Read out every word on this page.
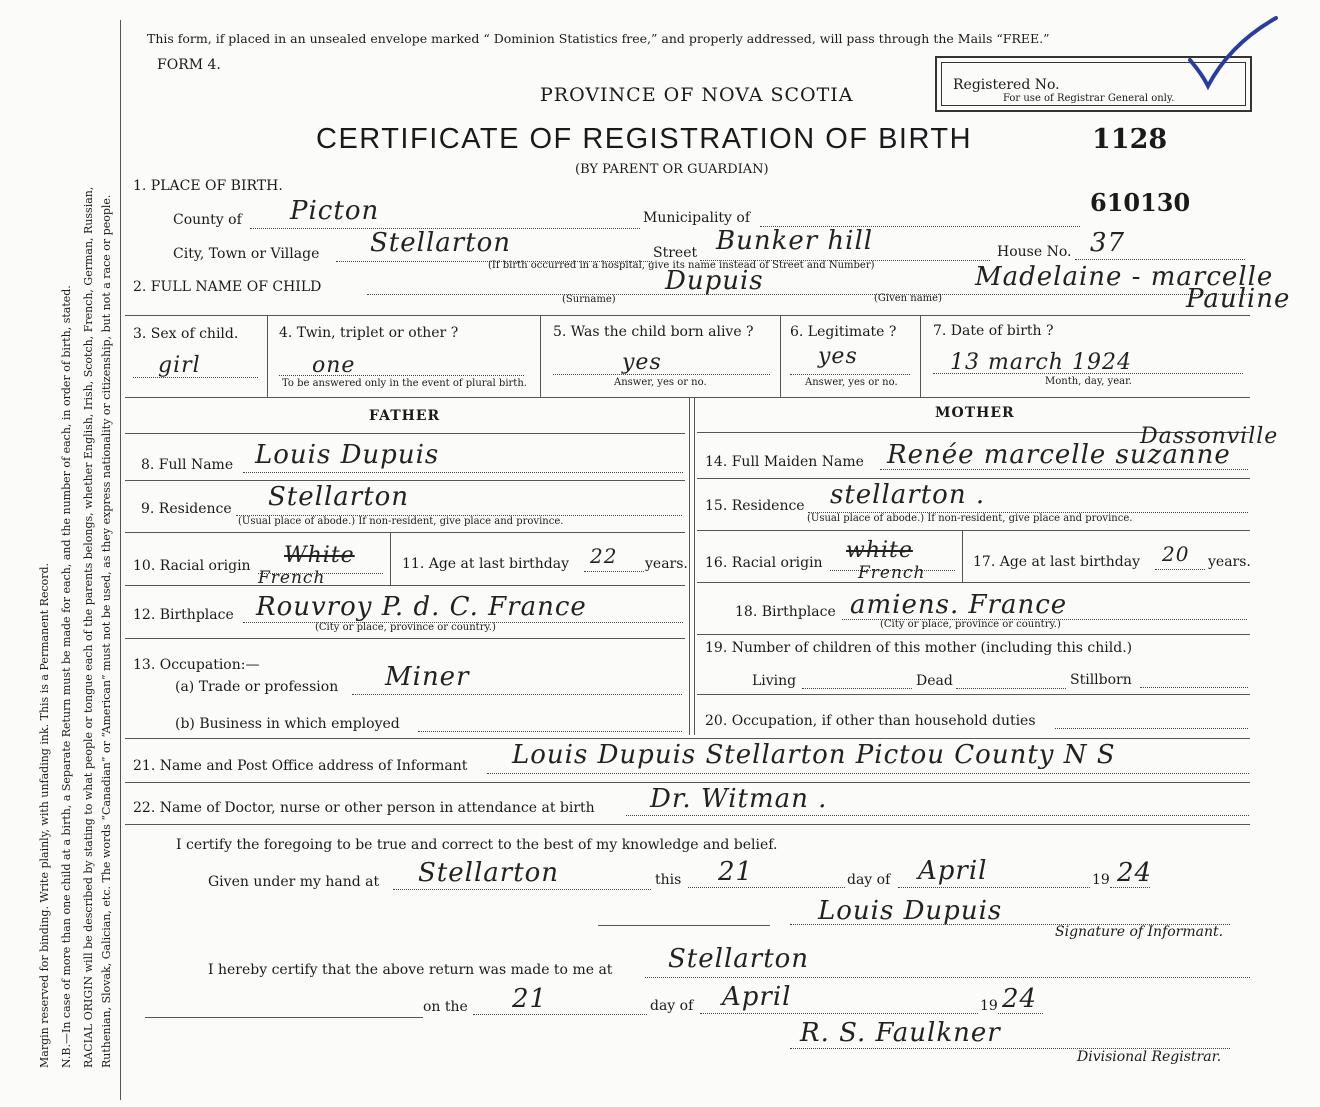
Margin reserved for binding. Write plainly, with unfading ink. This is a Permanent Record. N.B.—In case of more than one child at a birth, a Separate Return must be made for each, and the number of each, in order of birth, stated. RACIAL ORIGIN will be described by stating to what people or tongue each of the parents belongs, whether English, Irish, Scotch, French, German, Russian, Ruthenian, Slovak, Galician, etc. The words “Canadian” or “American” must not be used, as they express nationality or citizenship, but not a race or people.
This form, if placed in an unsealed envelope marked “ Dominion Statistics free,” and properly addressed, will pass through the Mails “FREE.”
FORM 4.
PROVINCE OF NOVA SCOTIA
CERTIFICATE OF REGISTRATION OF BIRTH	1128
(BY PARENT OR GUARDIAN)
610130
Registered No.
For use of Registrar General only.
1. PLACE OF BIRTH.
County of Picton	Municipality of
City, Town or Village Stellarton	Street Bunker hill	House No. 37
(If birth occurred in a hospital, give its name instead of Street and Number)
2. FULL NAME OF CHILD	Dupuis
(Surname)	(Given name)
Madelaine - marcelle
Pauline
3. Sex of child.
girl
4. Twin, triplet or other ?
one
To be answered only in the event of plural birth.
5. Was the child born alive ?
yes
Answer, yes or no.
6. Legitimate ?
yes
Answer, yes or no.
7. Date of birth ?
13 march 1924
Month, day, year.
FATHER
8. Full Name Louis Dupuis
9. Residence Stellarton
(Usual place of abode.) If non-resident, give place and province.
10. Racial origin White
French
11. Age at last birthday 22 years.
12. Birthplace Rouvroy P. d. C. France
(City or place, province or country.)
13. Occupation:—
(a) Trade or profession Miner
(b) Business in which employed
MOTHER
14. Full Maiden Name Renée marcelle suzanne
Dassonville
15. Residence stellarton .
(Usual place of abode.) If non-resident, give place and province.
16. Racial origin white
French
17. Age at last birthday 20 years.
18. Birthplace amiens. France
(City or place, province or country.)
19. Number of children of this mother (including this child.)
Living	Dead	Stillborn
20. Occupation, if other than household duties
21. Name and Post Office address of Informant Louis Dupuis Stellarton Pictou County N S
22. Name of Doctor, nurse or other person in attendance at birth Dr. Witman .
I certify the foregoing to be true and correct to the best of my knowledge and belief.
Given under my hand at Stellarton	this 21	day of April	19 24
Louis Dupuis
Signature of Informant.
I hereby certify that the above return was made to me at Stellarton
on the 21	day of April	19 24
R. S. Faulkner
Divisional Registrar.
